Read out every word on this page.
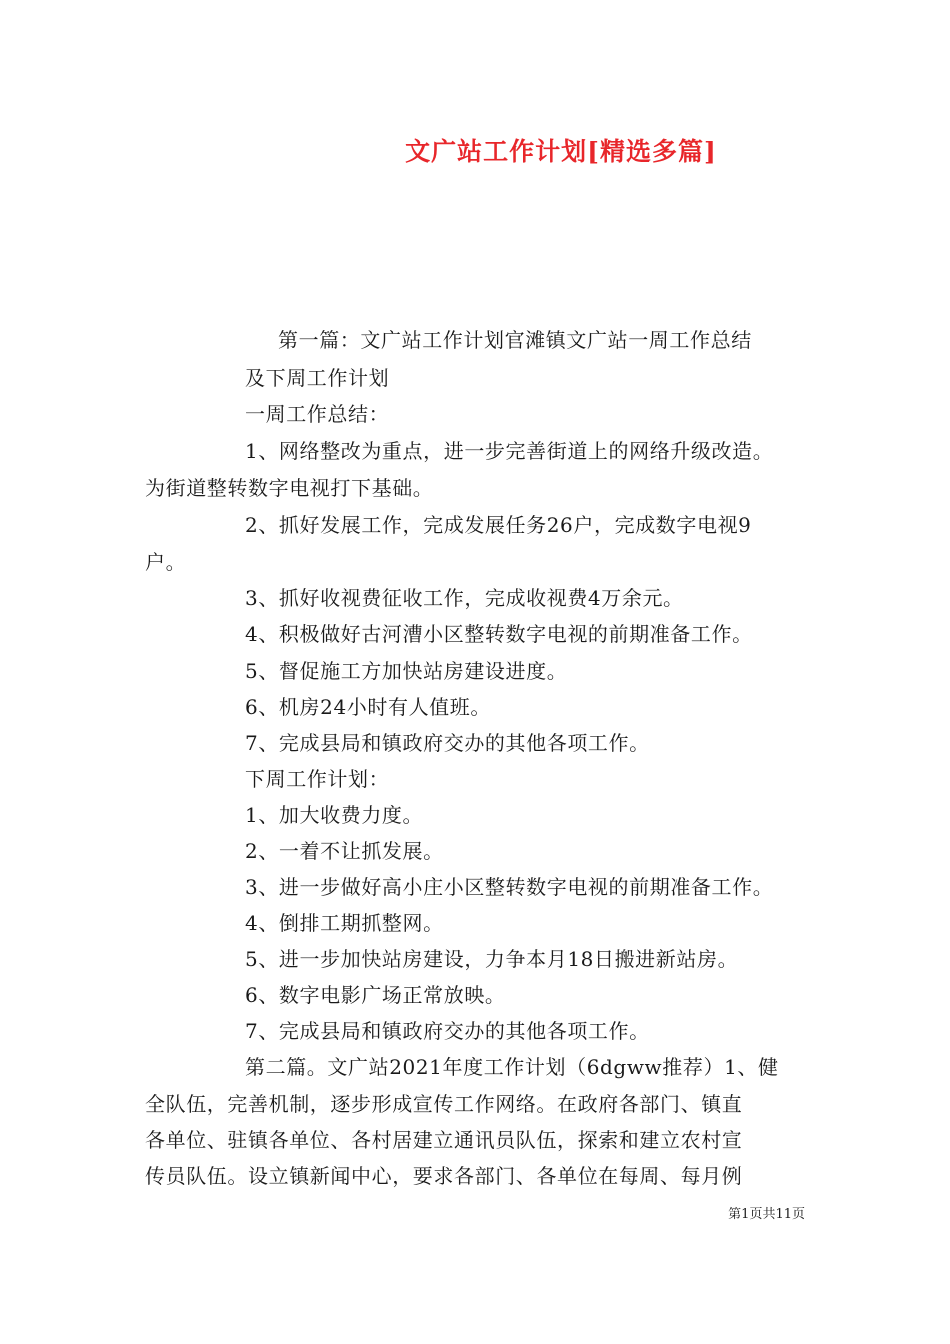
文广站工作计划[精选多篇]
第一篇：文广站工作计划官滩镇文广站一周工作总结
及下周工作计划
一周工作总结：
1、网络整改为重点，进一步完善街道上的网络升级改造。
为街道整转数字电视打下基础。
2、抓好发展工作，完成发展任务26户，完成数字电视9
户。
3、抓好收视费征收工作，完成收视费4万余元。
4、积极做好古河漕小区整转数字电视的前期准备工作。
5、督促施工方加快站房建设进度。
6、机房24小时有人值班。
7、完成县局和镇政府交办的其他各项工作。
下周工作计划：
1、加大收费力度。
2、一着不让抓发展。
3、进一步做好高小庄小区整转数字电视的前期准备工作。
4、倒排工期抓整网。
5、进一步加快站房建设，力争本月18日搬进新站房。
6、数字电影广场正常放映。
7、完成县局和镇政府交办的其他各项工作。
第二篇。文广站2021年度工作计划（6dgww推荐）1、健
全队伍，完善机制，逐步形成宣传工作网络。在政府各部门、镇直
各单位、驻镇各单位、各村居建立通讯员队伍，探索和建立农村宣
传员队伍。设立镇新闻中心，要求各部门、各单位在每周、每月例
第1页共11页
